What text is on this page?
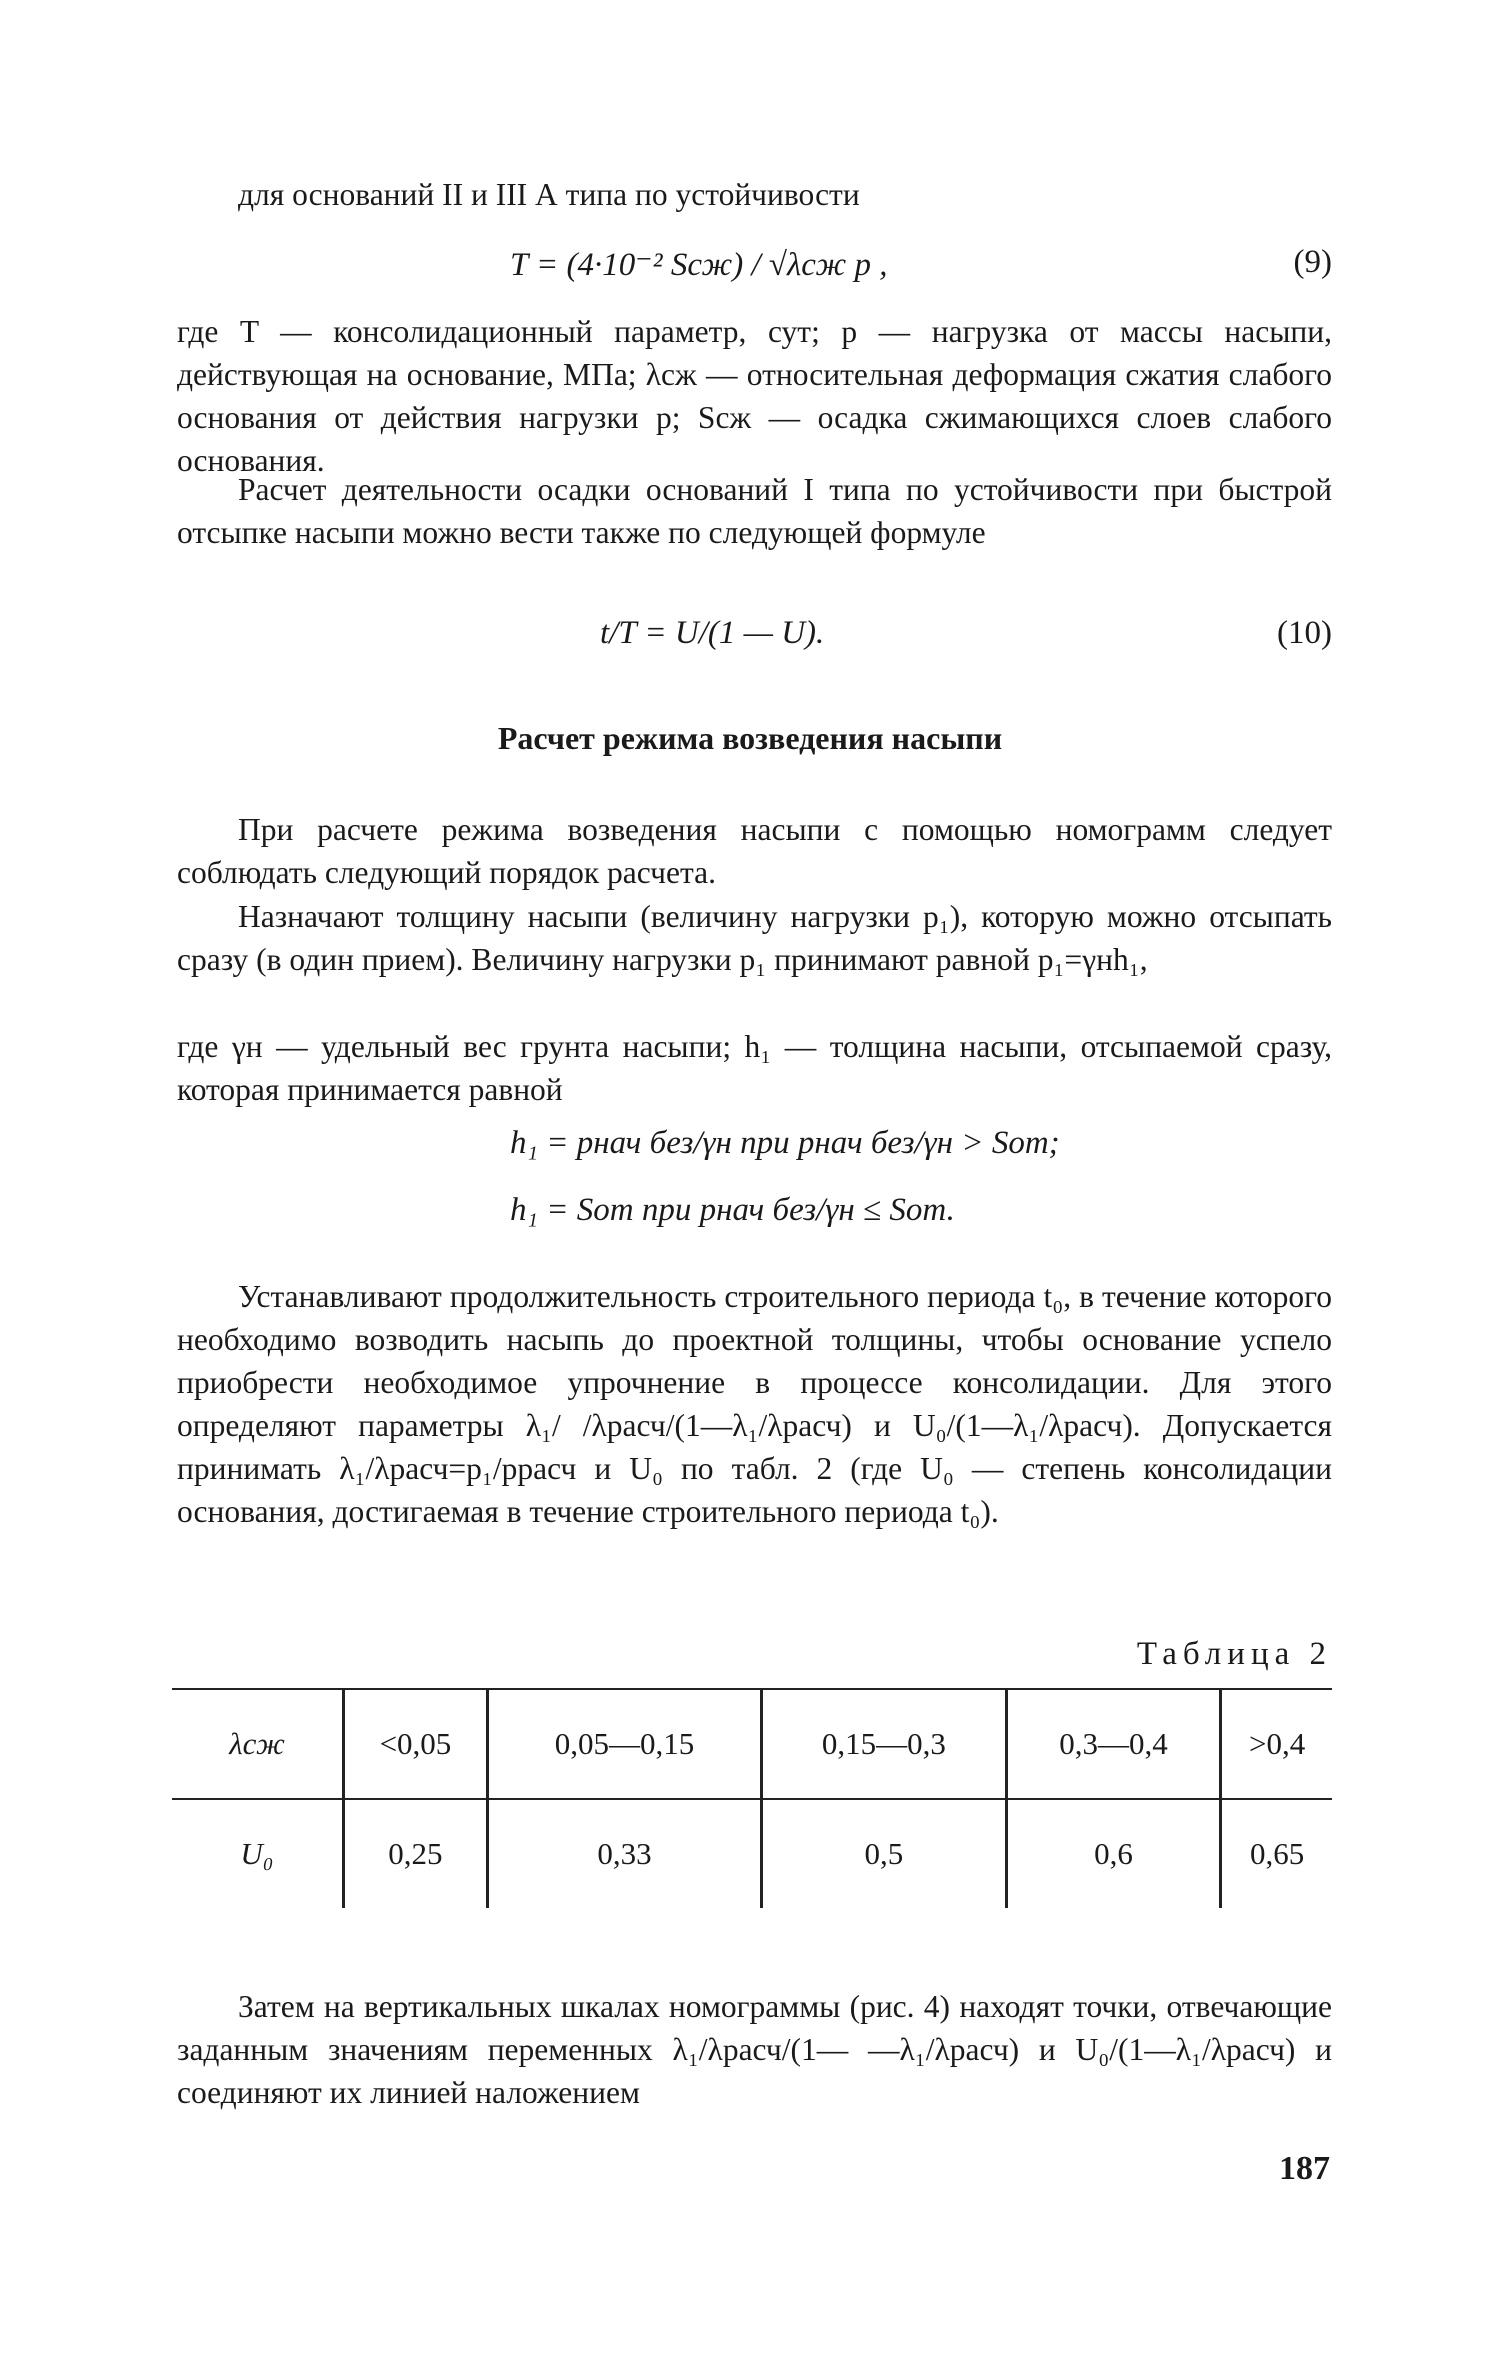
для оснований II и III А типа по устойчивости
T = (4·10⁻² Sсж) / √λсж p ,	(9)
где T — консолидационный параметр, сут; p — нагрузка от массы насыпи, действующая на основание, МПа; λсж — относительная деформация сжатия слабого основания от действия нагрузки p; Sсж — осадка сжимающихся слоев слабого основания.
Расчет деятельности осадки оснований I типа по устойчивости при быстрой отсыпке насыпи можно вести также по следующей формуле
t/T = U/(1 — U).	(10)
Расчет режима возведения насыпи
При расчете режима возведения насыпи с помощью номограмм следует соблюдать следующий порядок расчета.
Назначают толщину насыпи (величину нагрузки p₁), которую можно отсыпать сразу (в один прием). Величину нагрузки p₁ принимают равной p₁=γнh₁,
где γн — удельный вес грунта насыпи; h₁ — толщина насыпи, отсыпаемой сразу, которая принимается равной
h₁ = pнач без/γн при pнач без/γн > Sот;
h₁ = Sот при pнач без/γн ≤ Sот.
Устанавливают продолжительность строительного периода t₀, в течение которого необходимо возводить насыпь до проектной толщины, чтобы основание успело приобрести необходимое упрочнение в процессе консолидации. Для этого определяют параметры λ₁/ /λрасч/(1—λ₁/λрасч) и U₀/(1—λ₁/λрасч). Допускается принимать λ₁/λрасч=p₁/pрасч и U₀ по табл. 2 (где U₀ — степень консолидации основания, достигаемая в течение строительного периода t₀).
Таблица 2
λсж	<0,05	0,05—0,15	0,15—0,3	0,3—0,4	>0,4
U₀	0,25	0,33	0,5	0,6	0,65
Затем на вертикальных шкалах номограммы (рис. 4) находят точки, отвечающие заданным значениям переменных λ₁/λрасч/(1— —λ₁/λрасч) и U₀/(1—λ₁/λрасч) и соединяют их линией наложением
187
